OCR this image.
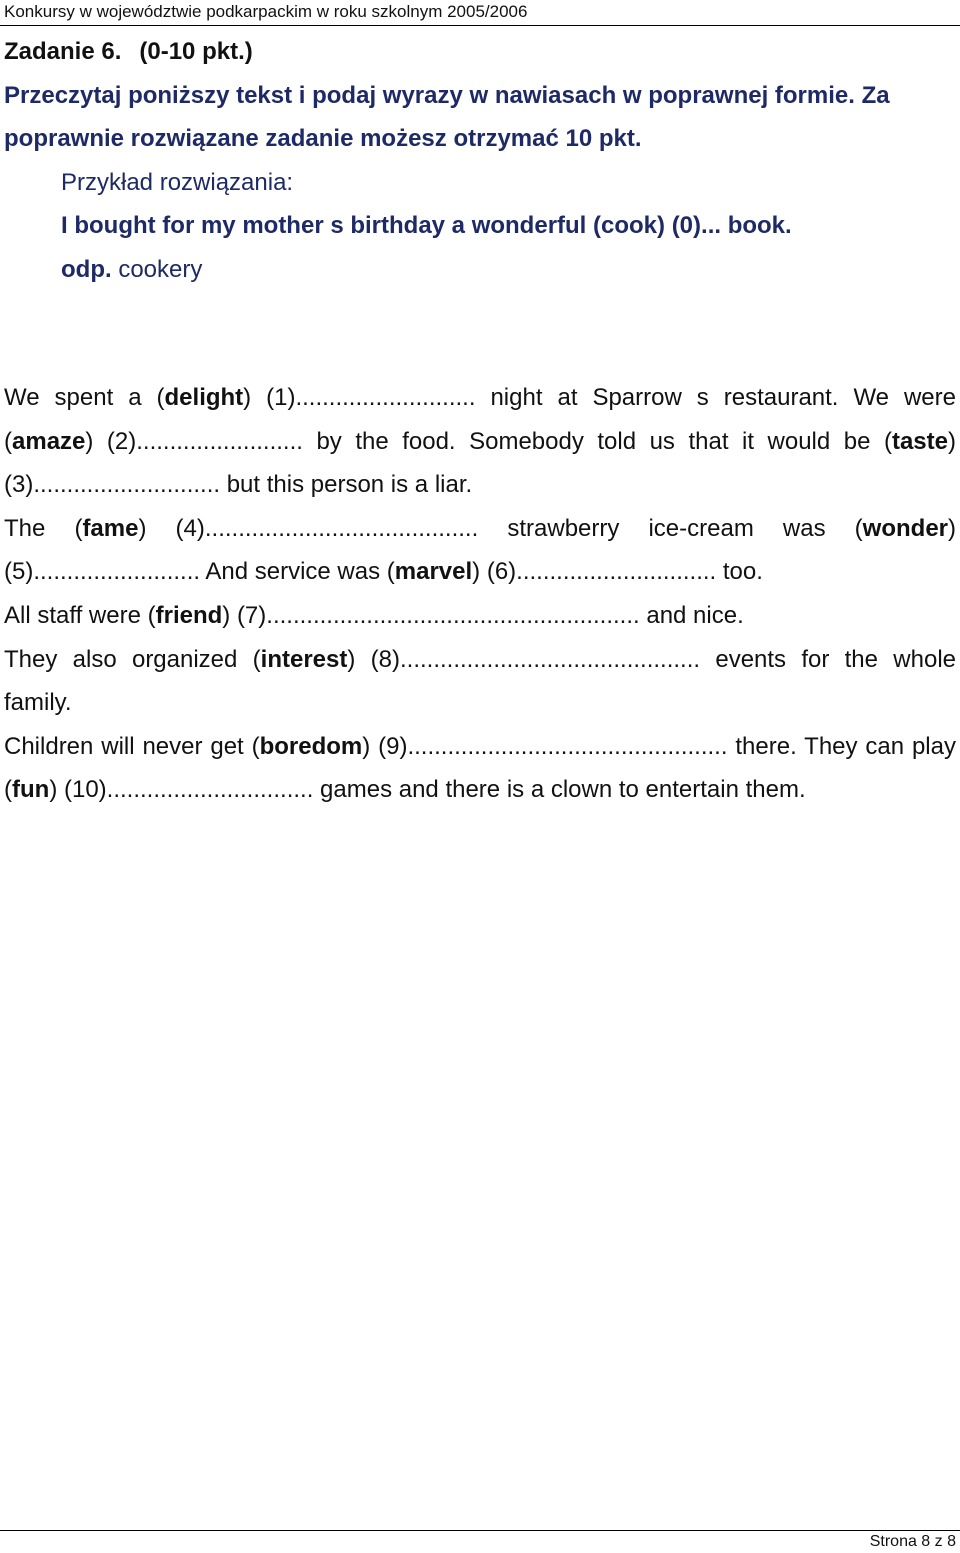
Konkursy w województwie podkarpackim w roku szkolnym 2005/2006
Zadanie 6. (0-10 pkt.)
Przeczytaj poniższy tekst i podaj wyrazy w nawiasach w poprawnej formie. Za poprawnie rozwiązane zadanie możesz otrzymać 10 pkt.
Przykład rozwiązania:
I bought for my mother s birthday a wonderful (cook) (0)... book.
odp. cookery

We spent a (delight) (1)........................... night at Sparrow s restaurant. We were (amaze) (2)......................... by the food. Somebody told us that it would be (taste) (3)............................ but this person is a liar.

The (fame) (4)......................................... strawberry ice-cream was (wonder) (5)......................... And service was (marvel) (6).............................. too.

All staff were (friend) (7)........................................................ and nice.

They also organized (interest) (8)............................................. events for the whole family.

Children will never get (boredom) (9)................................................ there. They can play (fun) (10)............................... games and there is a clown to entertain them.

Strona 8 z 8
